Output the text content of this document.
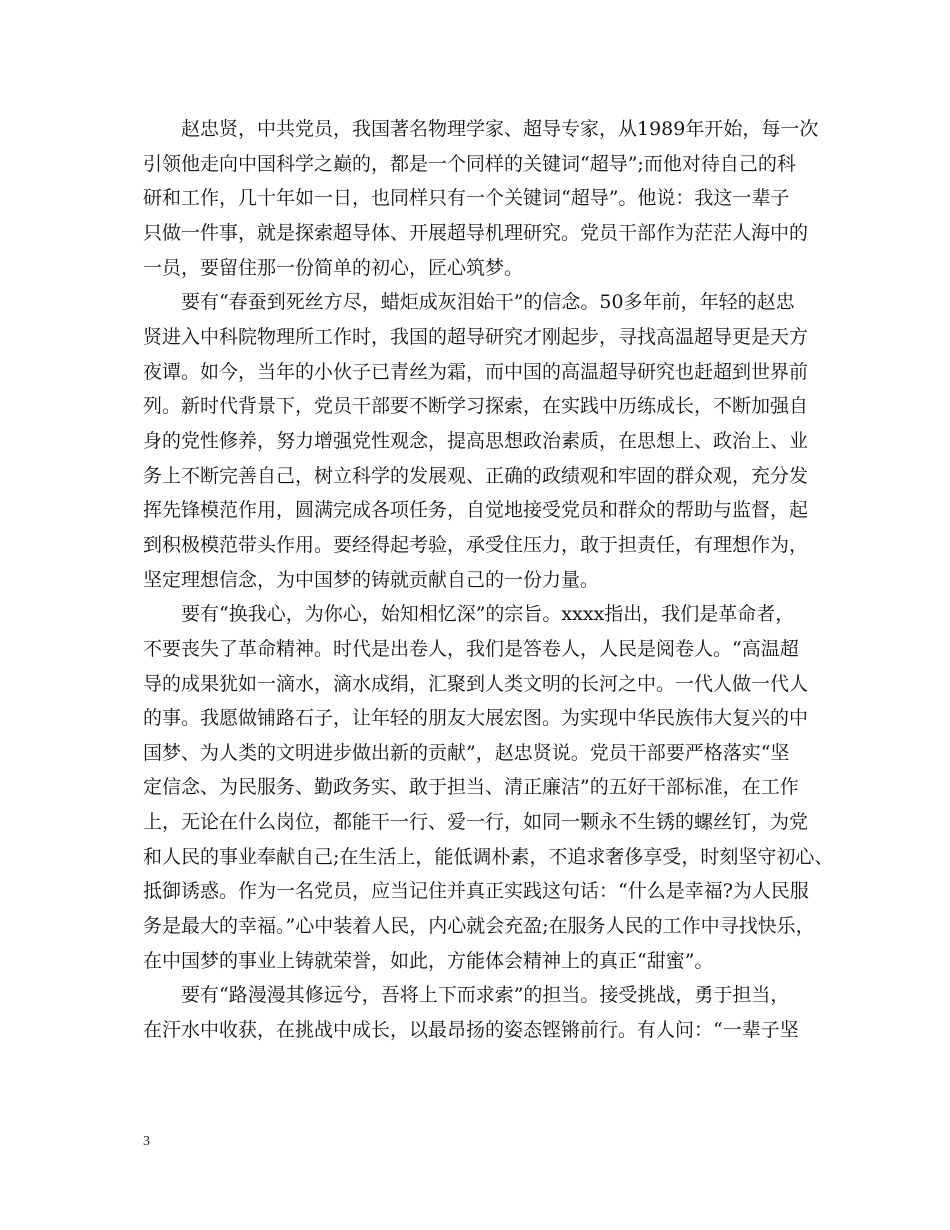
赵忠贤，中共党员，我国著名物理学家、超导专家，从1989年开始，每一次

引领他走向中国科学之巅的，都是一个同样的关键词“超导”;而他对待自己的科

研和工作，几十年如一日，也同样只有一个关键词“超导”。他说：我这一辈子

只做一件事，就是探索超导体、开展超导机理研究。党员干部作为茫茫人海中的

一员，要留住那一份简单的初心，匠心筑梦。

要有“春蚕到死丝方尽，蜡炬成灰泪始干”的信念。50多年前，年轻的赵忠

贤进入中科院物理所工作时，我国的超导研究才刚起步，寻找高温超导更是天方

夜谭。如今，当年的小伙子已青丝为霜，而中国的高温超导研究也赶超到世界前

列。新时代背景下，党员干部要不断学习探索，在实践中历练成长，不断加强自

身的党性修养，努力增强党性观念，提高思想政治素质，在思想上、政治上、业

务上不断完善自己，树立科学的发展观、正确的政绩观和牢固的群众观，充分发

挥先锋模范作用，圆满完成各项任务，自觉地接受党员和群众的帮助与监督，起

到积极模范带头作用。要经得起考验，承受住压力，敢于担责任，有理想作为，

坚定理想信念，为中国梦的铸就贡献自己的一份力量。

要有“换我心，为你心，始知相忆深”的宗旨。xxxx指出，我们是革命者，

不要丧失了革命精神。时代是出卷人，我们是答卷人，人民是阅卷人。“高温超

导的成果犹如一滴水，滴水成绢，汇聚到人类文明的长河之中。一代人做一代人

的事。我愿做铺路石子，让年轻的朋友大展宏图。为实现中华民族伟大复兴的中

国梦、为人类的文明进步做出新的贡献”，赵忠贤说。党员干部要严格落实“坚

定信念、为民服务、勤政务实、敢于担当、清正廉洁”的五好干部标准，在工作

上，无论在什么岗位，都能干一行、爱一行，如同一颗永不生锈的螺丝钉，为党

和人民的事业奉献自己;在生活上，能低调朴素，不追求奢侈享受，时刻坚守初心、

抵御诱惑。作为一名党员，应当记住并真正实践这句话：“什么是幸福?为人民服

务是最大的幸福。”心中装着人民，内心就会充盈;在服务人民的工作中寻找快乐，

在中国梦的事业上铸就荣誉，如此，方能体会精神上的真正“甜蜜”。

要有“路漫漫其修远兮，吾将上下而求索”的担当。接受挑战，勇于担当，

在汗水中收获，在挑战中成长，以最昂扬的姿态铿锵前行。有人问：“一辈子坚

3
